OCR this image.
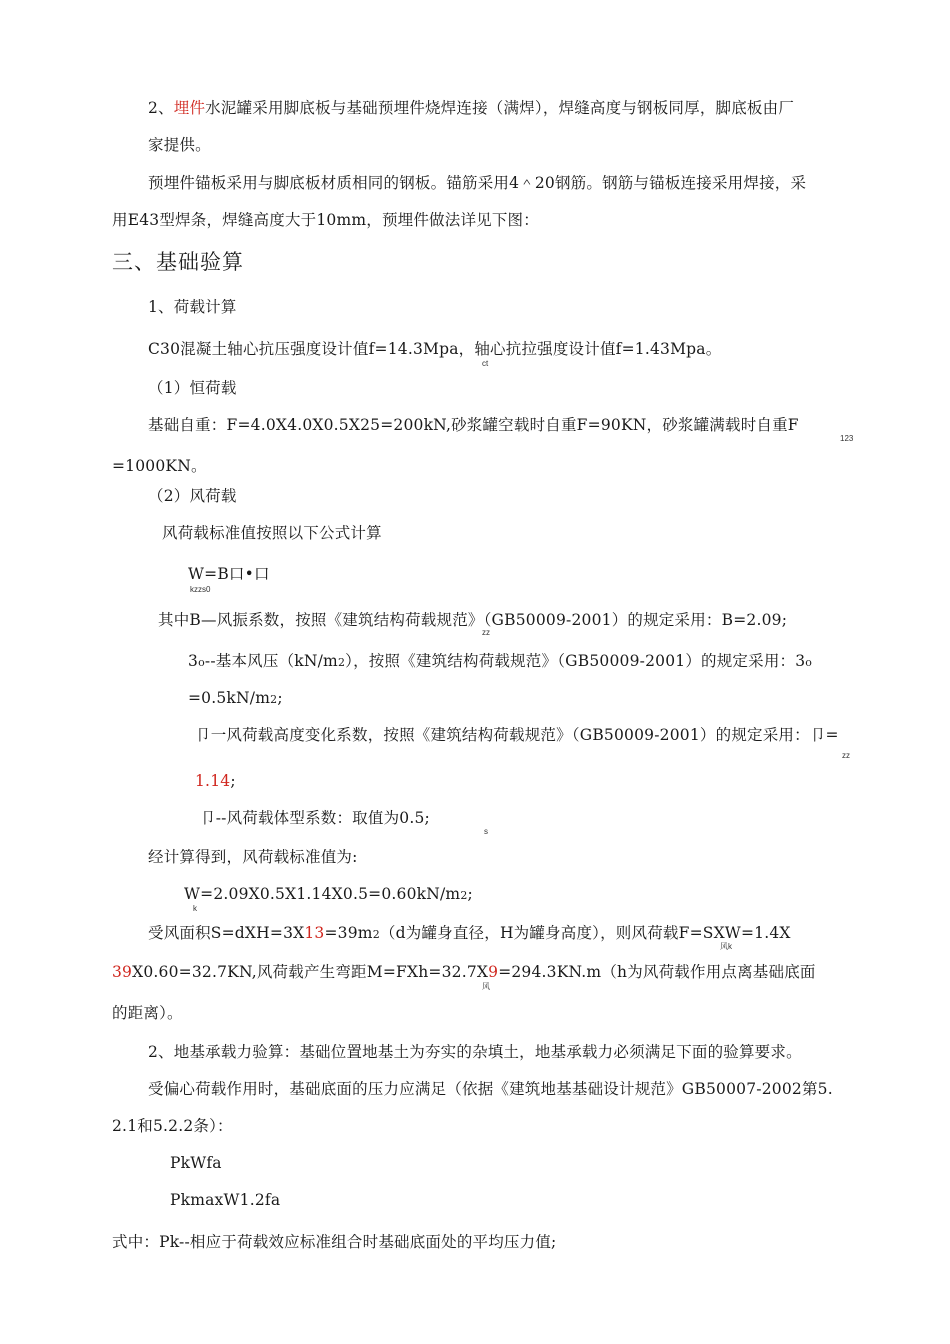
2、埋件水泥罐采用脚底板与基础预埋件烧焊连接（满焊），焊缝高度与钢板同厚，脚底板由厂
家提供。
预埋件锚板采用与脚底板材质相同的钢板。锚筋采用4＾20钢筋。钢筋与锚板连接采用焊接，采
用E43型焊条，焊缝高度大于10mm，预埋件做法详见下图：
三、基础验算
1、荷载计算
C30混凝土轴心抗压强度设计值f=14.3Mpa，轴心抗拉强度设计值f=1.43Mpa。
ct
（1）恒荷载
基础自重：F=4.0X4.0X0.5X25=200kN,砂浆罐空载时自重F=90KN，砂浆罐满载时自重F
123
=1000KN。
（2）风荷载
风荷载标准值按照以下公式计算
W=B口•口
kzzs0
其中B—风振系数，按照《建筑结构荷载规范》（GB50009-2001）的规定采用：B=2.09;
zz
3o--基本风压（kN/m2），按照《建筑结构荷载规范》（GB50009-2001）的规定采用：3o
=0.5kN/m2;
卩一风荷载高度变化系数，按照《建筑结构荷载规范》（GB50009-2001）的规定采用：卩=
zz
1.14;
卩--风荷载体型系数：取值为0.5;
s
经计算得到，风荷载标准值为:
W=2.09X0.5X1.14X0.5=0.60kN/m2;
k
受风面积S=dXH=3X13=39m2（d为罐身直径，H为罐身高度），则风荷载F=SXW=1.4X
风k
39X0.60=32.7KN,风荷载产生弯距M=FXh=32.7X9=294.3KN.m（h为风荷载作用点离基础底面
风
的距离）。
2、地基承载力验算：基础位置地基土为夯实的杂填土，地基承载力必须满足下面的验算要求。
受偏心荷载作用时，基础底面的压力应满足（依据《建筑地基基础设计规范》GB50007-2002第5.
2.1和5.2.2条）：
PkWfa
PkmaxW1.2fa
式中：Pk--相应于荷载效应标准组合时基础底面处的平均压力值;
